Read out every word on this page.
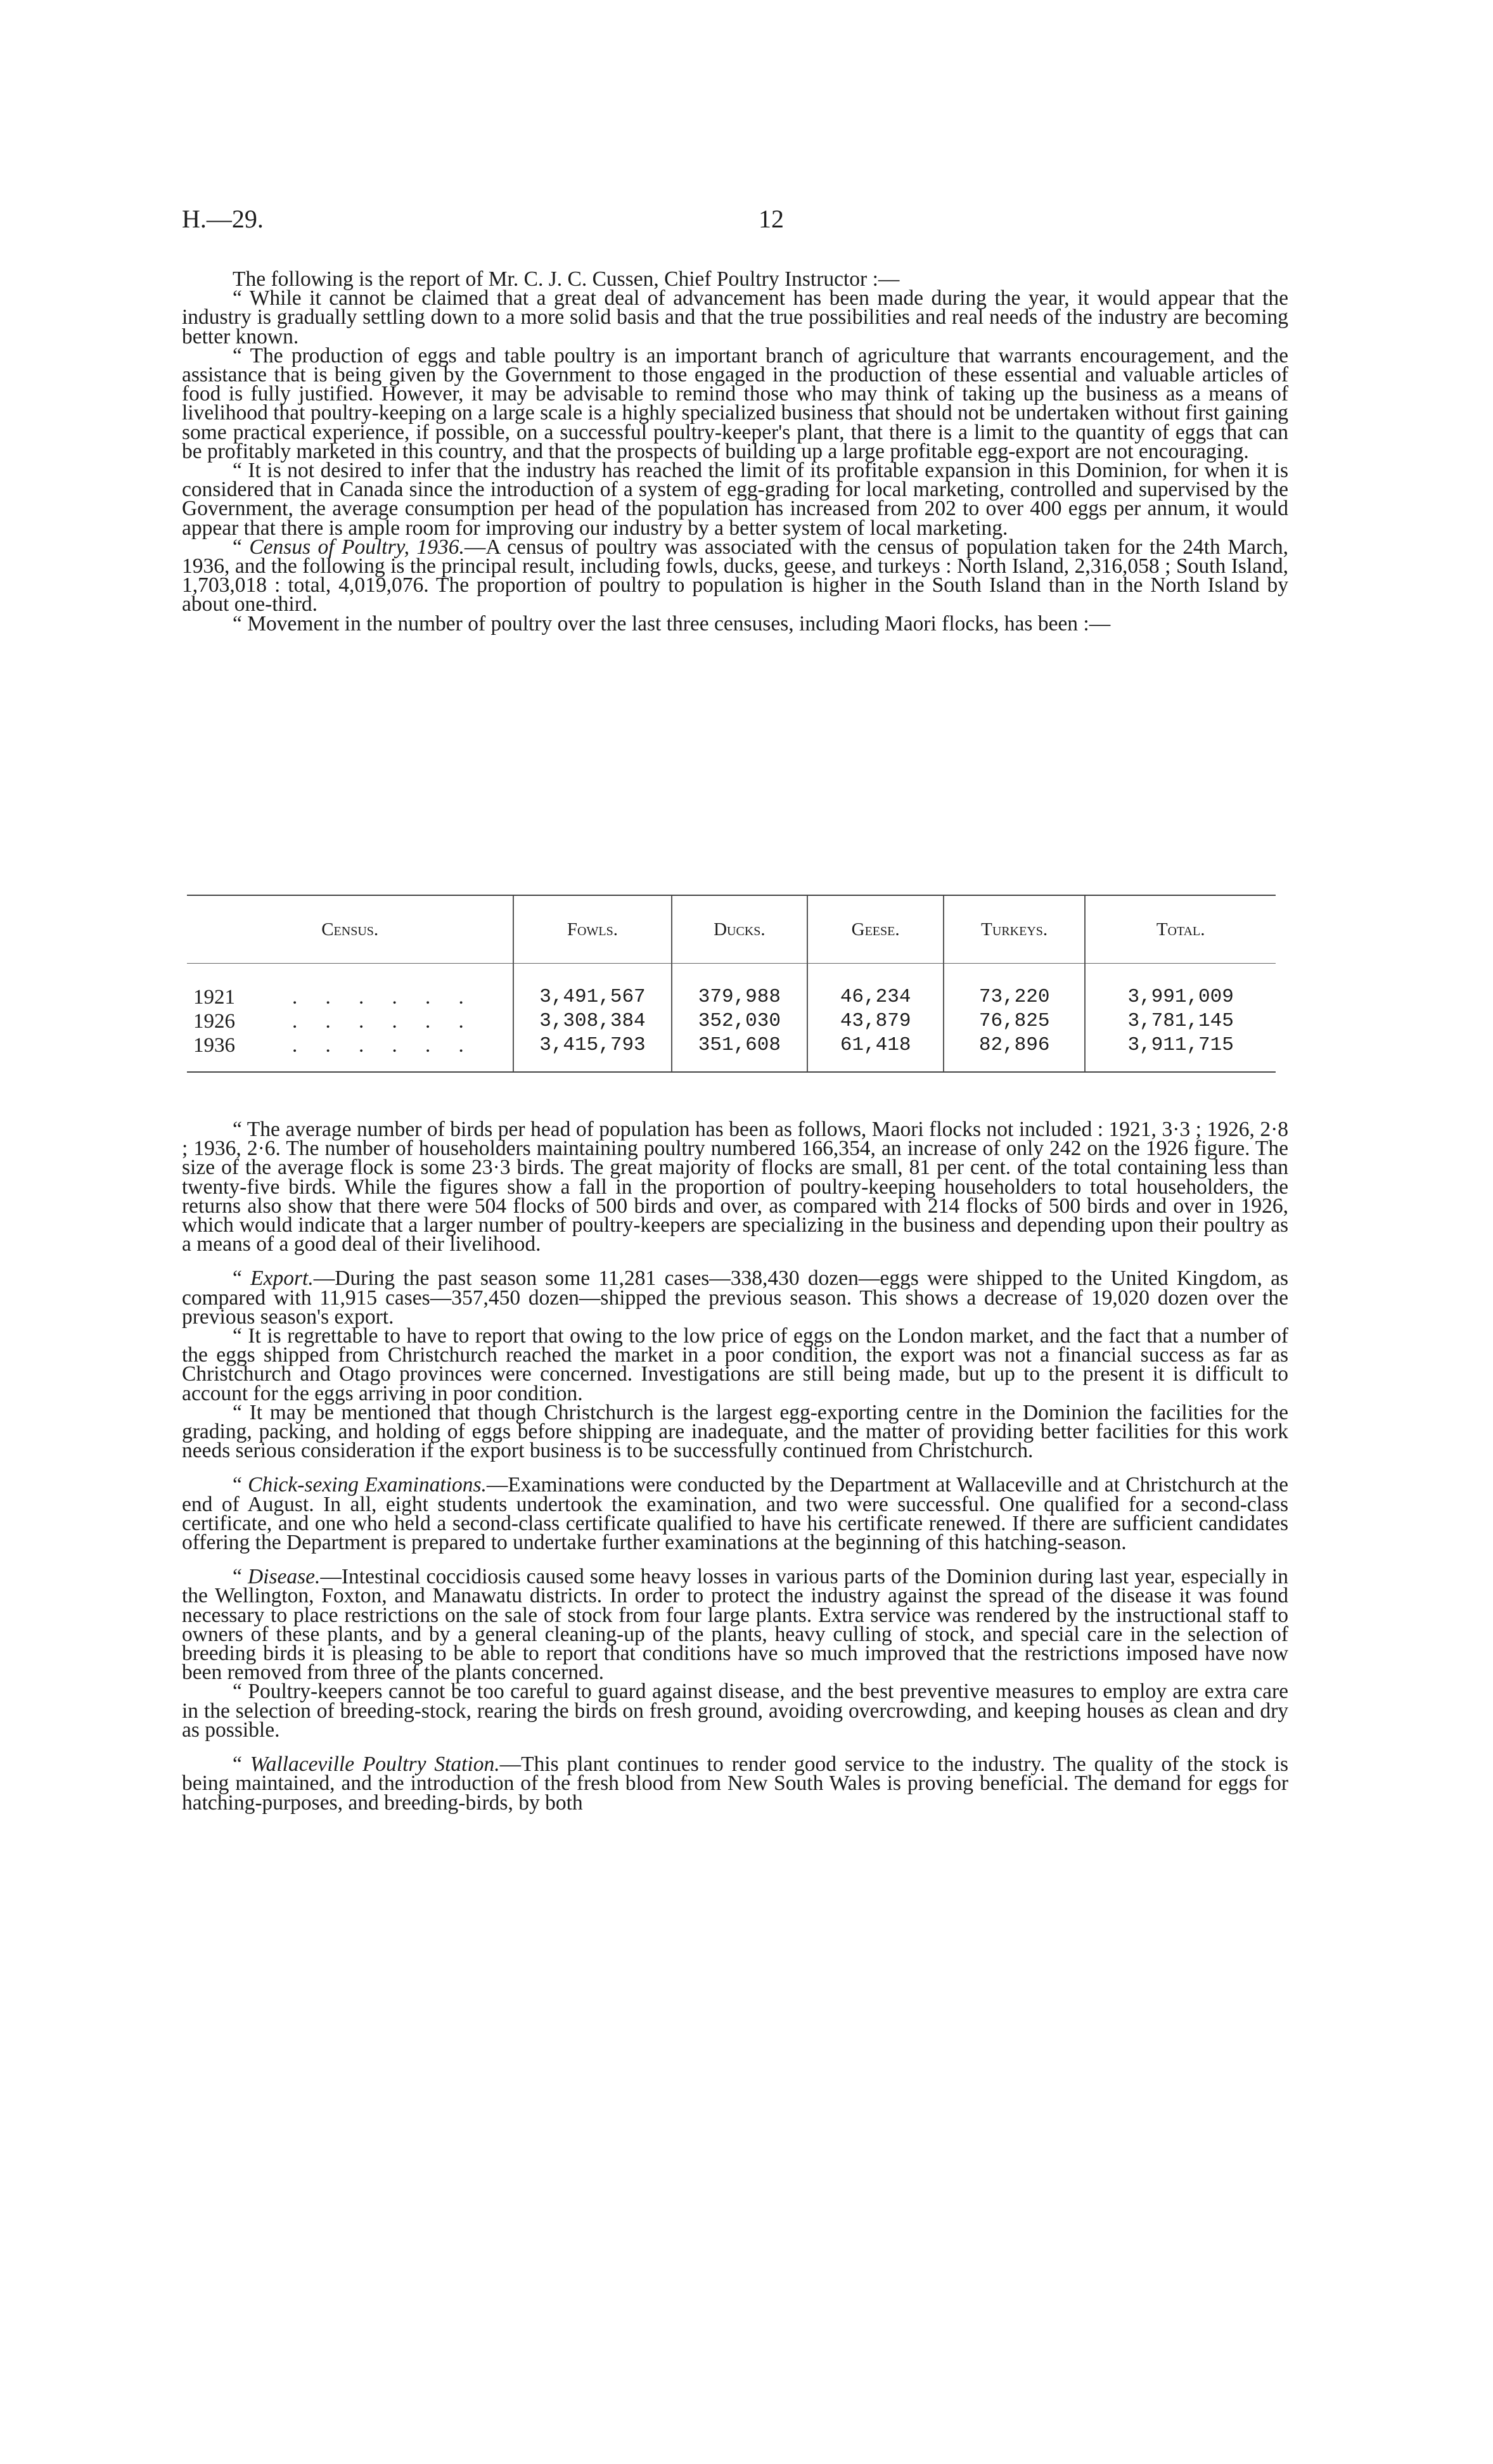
H.—29.	12

The following is the report of Mr. C. J. C. Cussen, Chief Poultry Instructor :—

“ While it cannot be claimed that a great deal of advancement has been made during the year, it would appear that the industry is gradually settling down to a more solid basis and that the true possibilities and real needs of the industry are becoming better known.

“ The production of eggs and table poultry is an important branch of agriculture that warrants encouragement, and the assistance that is being given by the Government to those engaged in the production of these essential and valuable articles of food is fully justified. However, it may be advisable to remind those who may think of taking up the business as a means of livelihood that poultry-keeping on a large scale is a highly specialized business that should not be undertaken without first gaining some practical experience, if possible, on a successful poultry-keeper's plant, that there is a limit to the quantity of eggs that can be profitably marketed in this country, and that the prospects of building up a large profitable egg-export are not encouraging.

“ It is not desired to infer that the industry has reached the limit of its profitable expansion in this Dominion, for when it is considered that in Canada since the introduction of a system of egg-grading for local marketing, controlled and supervised by the Government, the average consumption per head of the population has increased from 202 to over 400 eggs per annum, it would appear that there is ample room for improving our industry by a better system of local marketing.

“ Census of Poultry, 1936.—A census of poultry was associated with the census of population taken for the 24th March, 1936, and the following is the principal result, including fowls, ducks, geese, and turkeys : North Island, 2,316,058 ; South Island, 1,703,018 : total, 4,019,076. The proportion of poultry to population is higher in the South Island than in the North Island by about one-third.

“ Movement in the number of poultry over the last three censuses, including Maori flocks, has been :—

Census.	Fowls.	Ducks.	Geese.	Turkeys.	Total.

1921 . . . . . .	3,491,567	379,988	46,234	73,220	3,991,009
1926 . . . . . .	3,308,384	352,030	43,879	76,825	3,781,145
1936 . . . . . .	3,415,793	351,608	61,418	82,896	3,911,715

“ The average number of birds per head of population has been as follows, Maori flocks not included : 1921, 3·3 ; 1926, 2·8 ; 1936, 2·6. The number of householders maintaining poultry numbered 166,354, an increase of only 242 on the 1926 figure. The size of the average flock is some 23·3 birds. The great majority of flocks are small, 81 per cent. of the total containing less than twenty-five birds. While the figures show a fall in the proportion of poultry-keeping householders to total householders, the returns also show that there were 504 flocks of 500 birds and over, as compared with 214 flocks of 500 birds and over in 1926, which would indicate that a larger number of poultry-keepers are specializing in the business and depending upon their poultry as a means of a good deal of their livelihood.

“ Export.—During the past season some 11,281 cases—338,430 dozen—eggs were shipped to the United Kingdom, as compared with 11,915 cases—357,450 dozen—shipped the previous season. This shows a decrease of 19,020 dozen over the previous season's export.

“ It is regrettable to have to report that owing to the low price of eggs on the London market, and the fact that a number of the eggs shipped from Christchurch reached the market in a poor condition, the export was not a financial success as far as Christchurch and Otago provinces were concerned. Investigations are still being made, but up to the present it is difficult to account for the eggs arriving in poor condition.

“ It may be mentioned that though Christchurch is the largest egg-exporting centre in the Dominion the facilities for the grading, packing, and holding of eggs before shipping are inadequate, and the matter of providing better facilities for this work needs serious consideration if the export business is to be successfully continued from Christchurch.

“ Chick-sexing Examinations.—Examinations were conducted by the Department at Wallaceville and at Christchurch at the end of August. In all, eight students undertook the examination, and two were successful. One qualified for a second-class certificate, and one who held a second-class certificate qualified to have his certificate renewed. If there are sufficient candidates offering the Department is prepared to undertake further examinations at the beginning of this hatching-season.

“ Disease.—Intestinal coccidiosis caused some heavy losses in various parts of the Dominion during last year, especially in the Wellington, Foxton, and Manawatu districts. In order to protect the industry against the spread of the disease it was found necessary to place restrictions on the sale of stock from four large plants. Extra service was rendered by the instructional staff to owners of these plants, and by a general cleaning-up of the plants, heavy culling of stock, and special care in the selection of breeding birds it is pleasing to be able to report that conditions have so much improved that the restrictions imposed have now been removed from three of the plants concerned.

“ Poultry-keepers cannot be too careful to guard against disease, and the best preventive measures to employ are extra care in the selection of breeding-stock, rearing the birds on fresh ground, avoiding overcrowding, and keeping houses as clean and dry as possible.

“ Wallaceville Poultry Station.—This plant continues to render good service to the industry. The quality of the stock is being maintained, and the introduction of the fresh blood from New South Wales is proving beneficial. The demand for eggs for hatching-purposes, and breeding-birds, by both
